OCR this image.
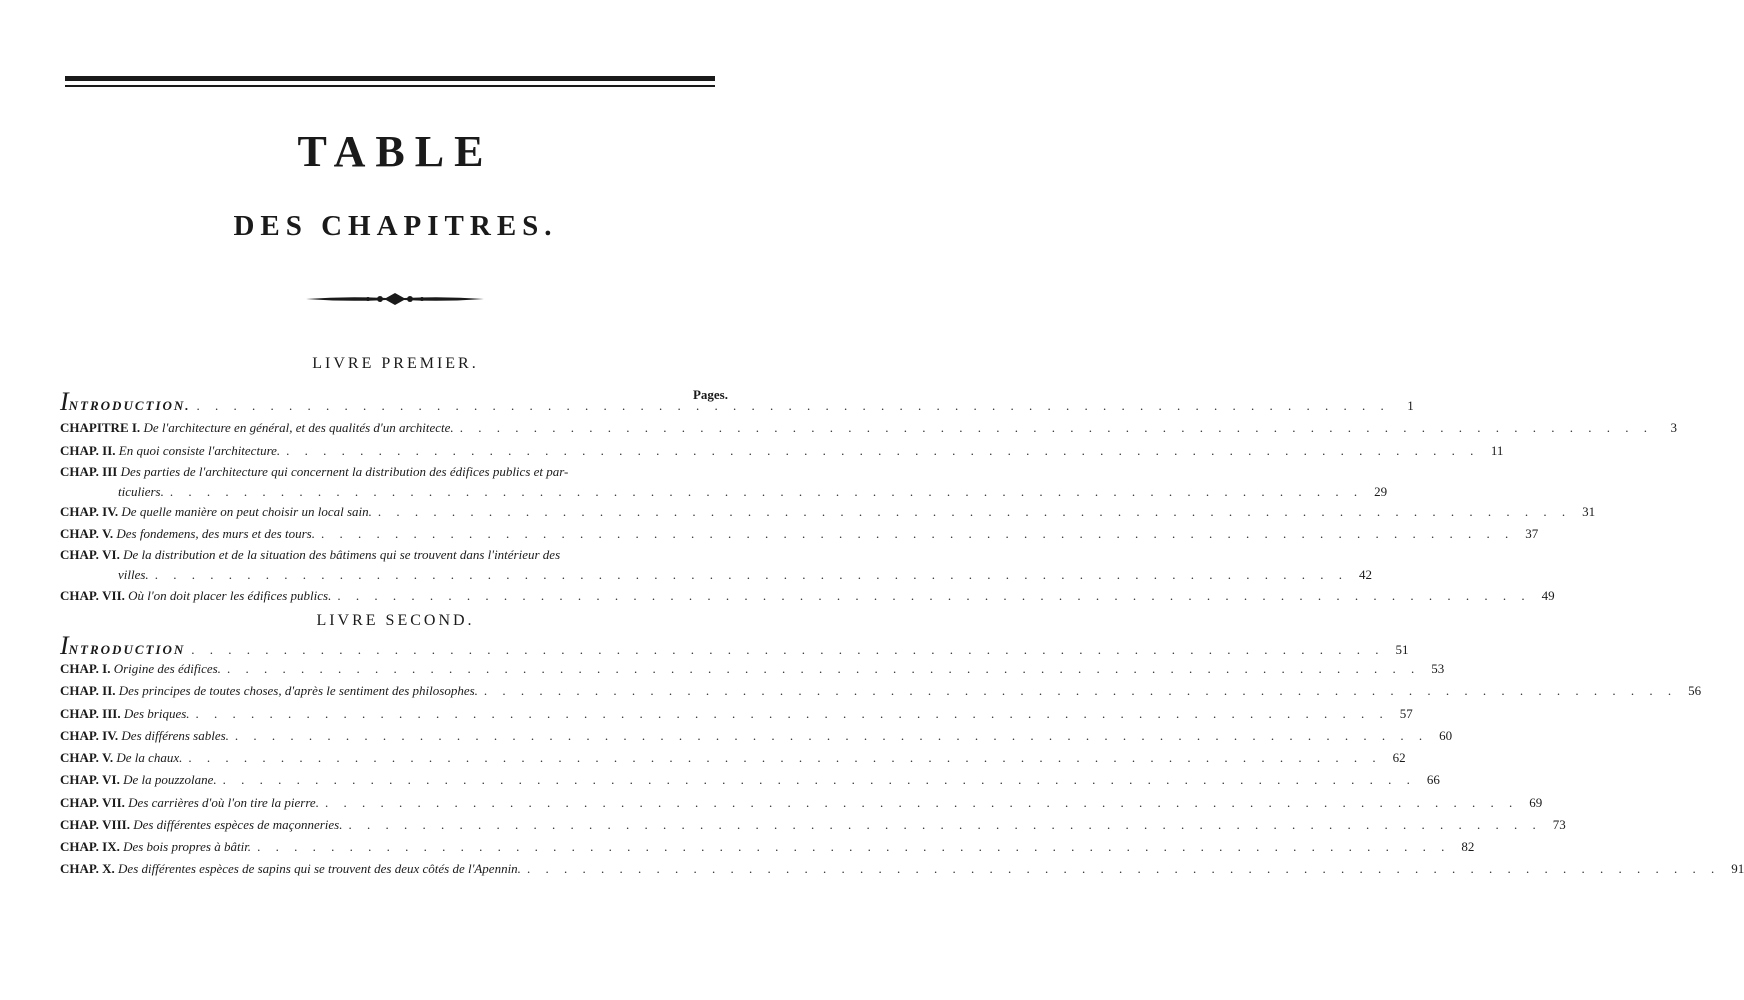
TABLE
DES CHAPITRES.
LIVRE PREMIER.
Pages.
INTRODUCTION. . . . . . . . . . . . . . . . . . . . . . . . . . . . . . . . . . . . . . . . . . . . . . . . . . . . . . . . . . . . . . . . . .	1
CHAPITRE I. De l'architecture en général, et des qualités d'un architecte. . . . . . . . . . . . . . . . . . . . . . . . . . . . . . . . . . . . . . . . . . . . . . . . . . . . . . . . . . . . . . . . . .	3
CHAP. II. En quoi consiste l'architecture. . . . . . . . . . . . . . . . . . . . . . . . . . . . . . . . . . . . . . . . . . . . . . . . . . . . . . . . . . . . . . . . . . 11
CHAP. III Des parties de l'architecture qui concernent la distribution des édifices publics et par-
ticuliers. . . . . . . . . . . . . . . . . . . . . . . . . . . . . . . . . . . . . . . . . . . . . . . . . . . . . . . . . . . . . . . . . . 29
CHAP. IV. De quelle manière on peut choisir un local sain. . . . . . . . . . . . . . . . . . . . . . . . . . . . . . . . . . . . . . . . . . . . . . . . . . . . . . . . . . . . . . . . . . 31
CHAP. V. Des fondemens, des murs et des tours. . . . . . . . . . . . . . . . . . . . . . . . . . . . . . . . . . . . . . . . . . . . . . . . . . . . . . . . . . . . . . . . . . 37
CHAP. VI. De la distribution et de la situation des bâtimens qui se trouvent dans l'intérieur des
villes. . . . . . . . . . . . . . . . . . . . . . . . . . . . . . . . . . . . . . . . . . . . . . . . . . . . . . . . . . . . . . . . . . 42
CHAP. VII. Où l'on doit placer les édifices publics. . . . . . . . . . . . . . . . . . . . . . . . . . . . . . . . . . . . . . . . . . . . . . . . . . . . . . . . . . . . . . . . . . 49
LIVRE SECOND.
INTRODUCTION . . . . . . . . . . . . . . . . . . . . . . . . . . . . . . . . . . . . . . . . . . . . . . . . . . . . . . . . . . . . . . . . . 51
CHAP. I. Origine des édifices. . . . . . . . . . . . . . . . . . . . . . . . . . . . . . . . . . . . . . . . . . . . . . . . . . . . . . . . . . . . . . . . . . 53
CHAP. II. Des principes de toutes choses, d'après le sentiment des philosophes. . . . . . . . . . . . . . . . . . . . . . . . . . . . . . . . . . . . . . . . . . . . . . . . . . . . . . . . . . . . . . . . . . 56
CHAP. III. Des briques. . . . . . . . . . . . . . . . . . . . . . . . . . . . . . . . . . . . . . . . . . . . . . . . . . . . . . . . . . . . . . . . . . 57
CHAP. IV. Des différens sables. . . . . . . . . . . . . . . . . . . . . . . . . . . . . . . . . . . . . . . . . . . . . . . . . . . . . . . . . . . . . . . . . . 60
CHAP. V. De la chaux. . . . . . . . . . . . . . . . . . . . . . . . . . . . . . . . . . . . . . . . . . . . . . . . . . . . . . . . . . . . . . . . . . 62
CHAP. VI. De la pouzzolane. . . . . . . . . . . . . . . . . . . . . . . . . . . . . . . . . . . . . . . . . . . . . . . . . . . . . . . . . . . . . . . . . . 66
CHAP. VII. Des carrières d'où l'on tire la pierre. . . . . . . . . . . . . . . . . . . . . . . . . . . . . . . . . . . . . . . . . . . . . . . . . . . . . . . . . . . . . . . . . . 69
CHAP. VIII. Des différentes espèces de maçonneries. . . . . . . . . . . . . . . . . . . . . . . . . . . . . . . . . . . . . . . . . . . . . . . . . . . . . . . . . . . . . . . . . . 73
CHAP. IX. Des bois propres à bâtir. . . . . . . . . . . . . . . . . . . . . . . . . . . . . . . . . . . . . . . . . . . . . . . . . . . . . . . . . . . . . . . . . . 82
CHAP. X. Des différentes espèces de sapins qui se trouvent des deux côtés de l'Apennin. . . . . . . . . . . . . . . . . . . . . . . . . . . . . . . . . . . . . . . . . . . . . . . . . . . . . . . . . . . . . . . . . . 91
